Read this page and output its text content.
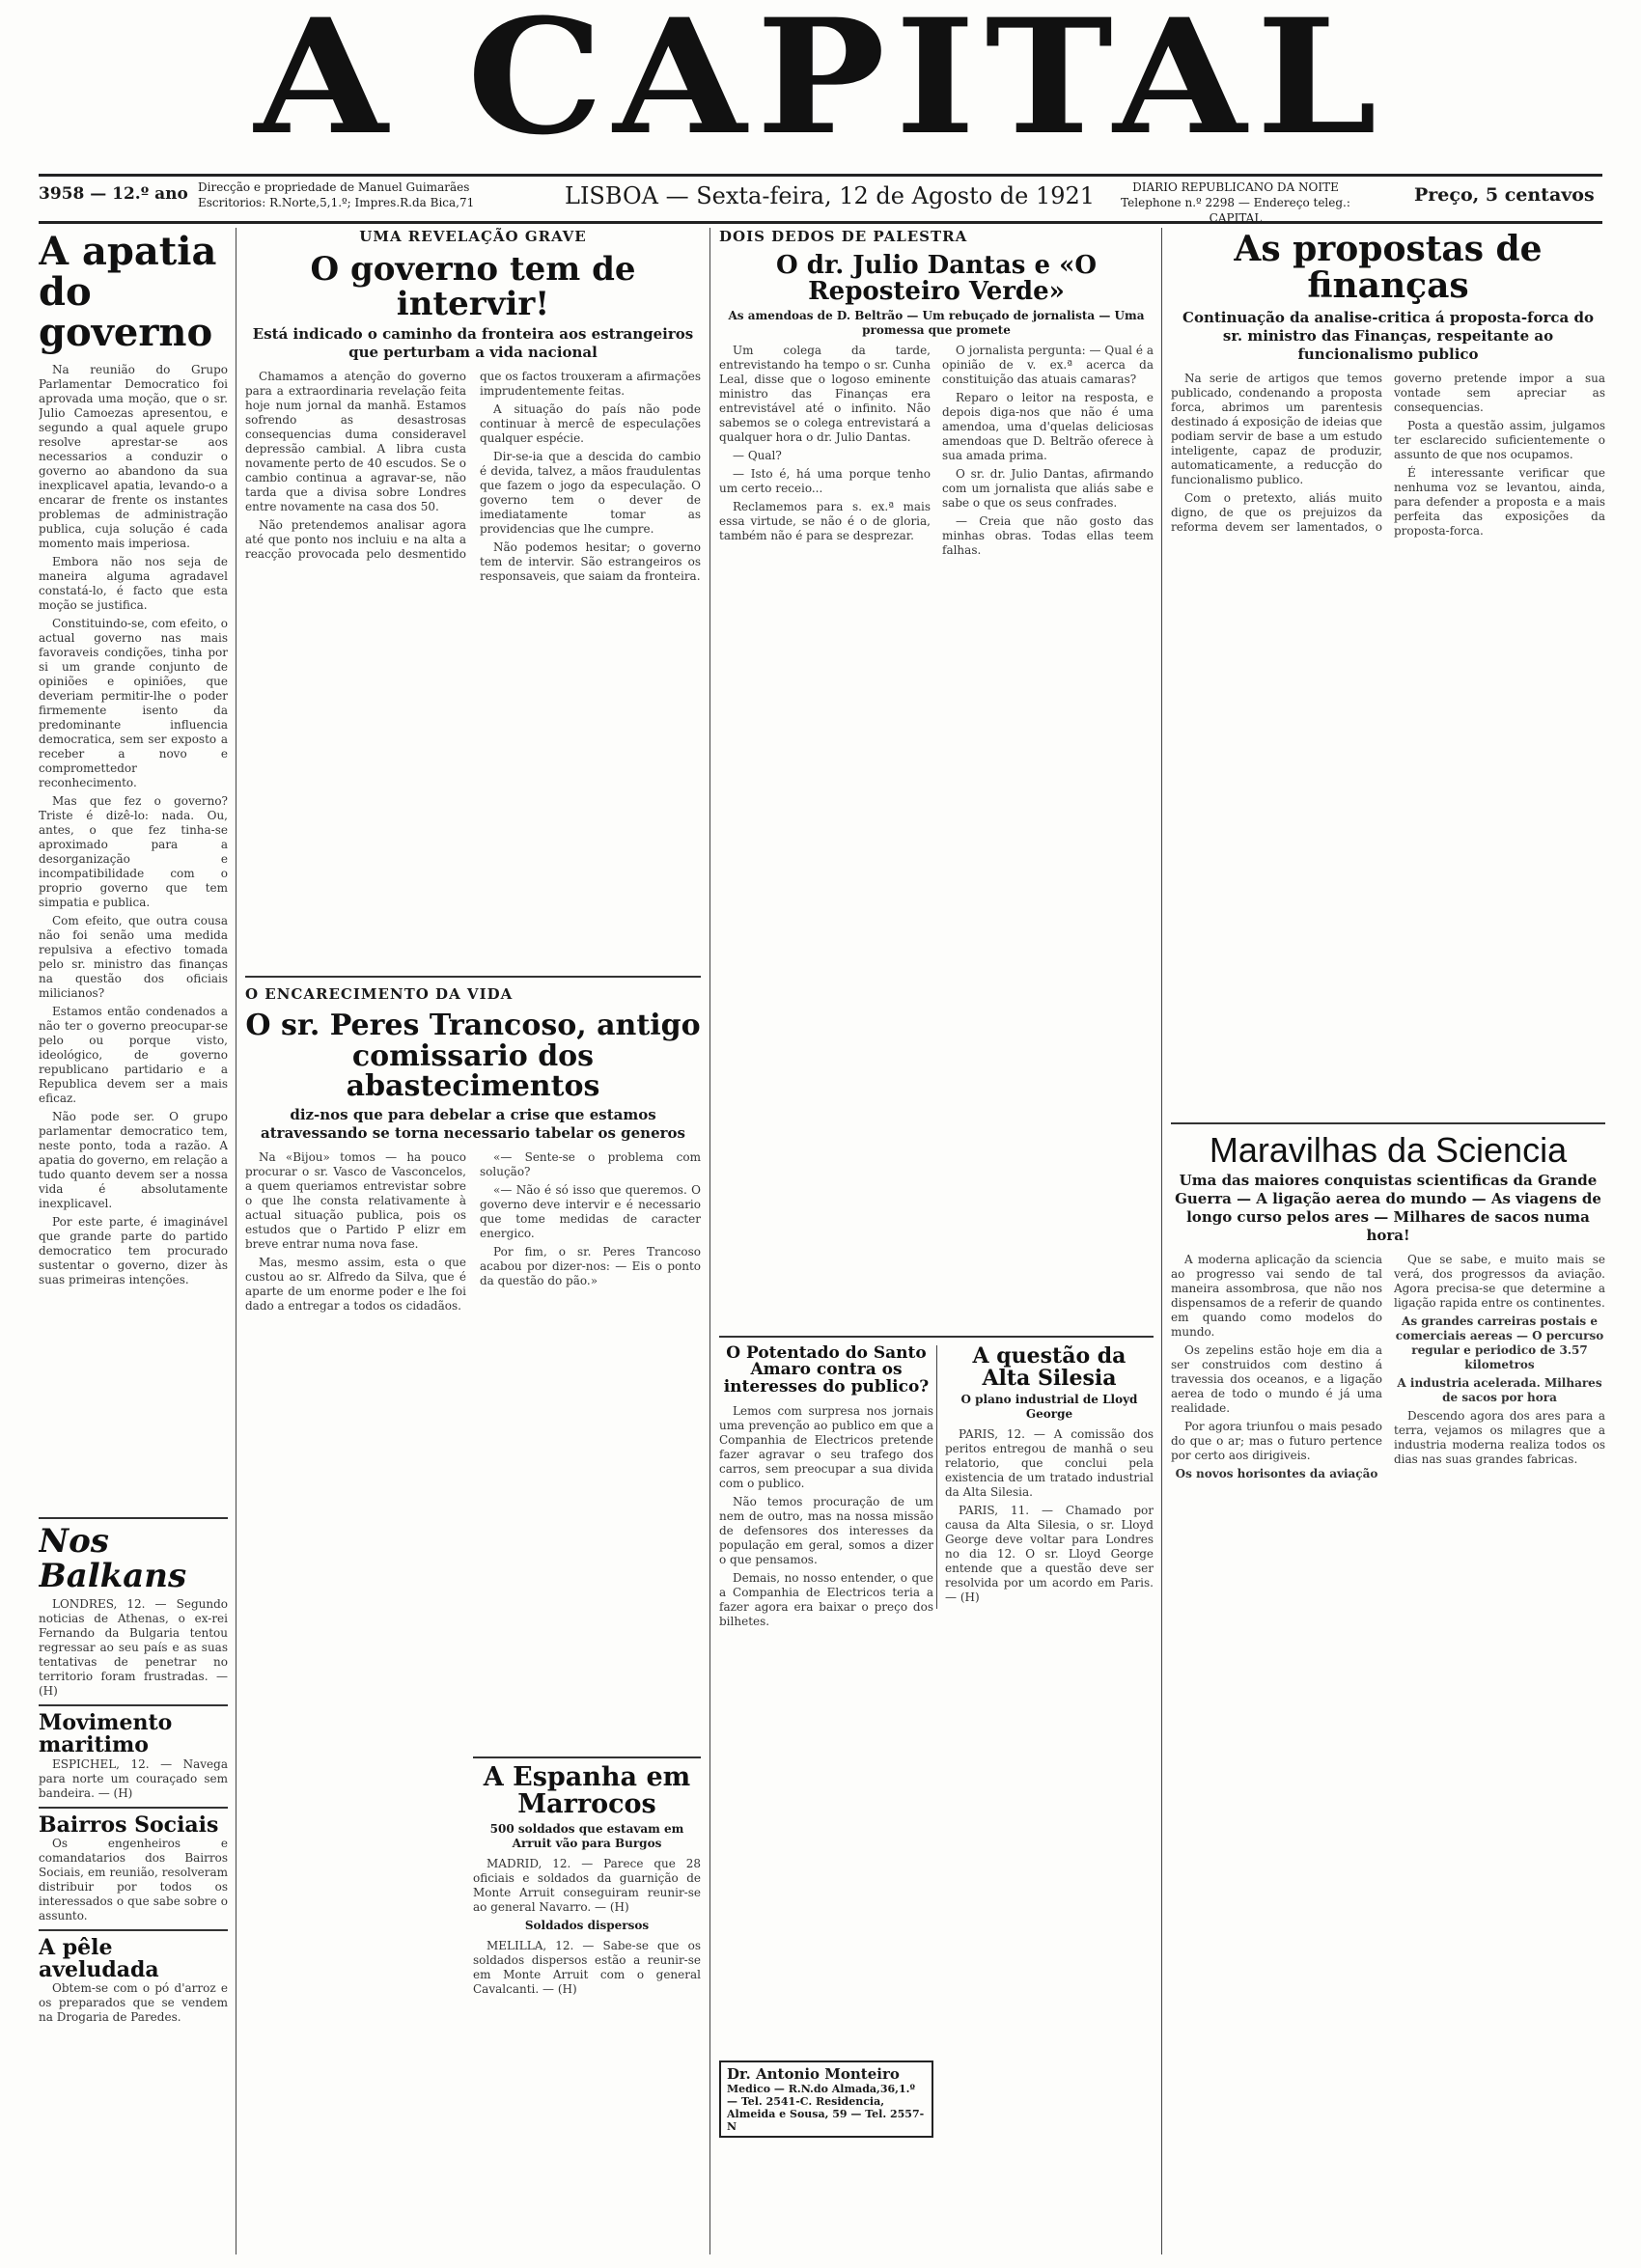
A CAPITAL
3958 — 12.º ano Direcção e propriedade de Manuel Guimarães
Escritorios: R.Norte,5,1.º; Impres.R.da Bica,71	LISBOA — Sexta-feira, 12 de Agosto de 1921	DIARIO REPUBLICANO DA NOITE
Telephone n.º 2298 — Endereço teleg.: CAPITAL
Preço, 5 centavos
A apatia do governo

Na reunião do Grupo Parlamentar Democratico foi aprovada uma moção, que o sr. Julio Camoezas apresentou, e segundo a qual aquele grupo resolve aprestar-se aos necessarios a conduzir o governo ao abandono da sua inexplicavel apatia, levando-o a encarar de frente os instantes problemas de administração publica, cuja solução é cada momento mais imperiosa.

Embora não nos seja de maneira alguma agradavel constatá-lo, é facto que esta moção se justifica.

Constituindo-se, com efeito, o actual governo nas mais favoraveis condições, tinha por si um grande conjunto de opiniões e opiniões, que deveriam permitir-lhe o poder firmemente isento da predominante influencia democratica, sem ser exposto a receber a novo e compromettedor reconhecimento.

Mas que fez o governo? Triste é dizê-lo: nada. Ou, antes, o que fez tinha-se aproximado para a desorganização e incompatibilidade com o proprio governo que tem simpatia e publica.

Com efeito, que outra cousa não foi senão uma medida repulsiva a efectivo tomada pelo sr. ministro das finanças na questão dos oficiais milicianos?

Estamos então condenados a não ter o governo preocupar-se pelo ou porque visto, ideológico, de governo republicano partidario e a Republica devem ser a mais eficaz.

Não pode ser. O grupo parlamentar democratico tem, neste ponto, toda a razão. A apatia do governo, em relação a tudo quanto devem ser a nossa vida é absolutamente inexplicavel.

Por este parte, é imaginável que grande parte do partido democratico tem procurado sustentar o governo, dizer às suas primeiras intenções.

Nos Balkans

LONDRES, 12. — Segundo noticias de Athenas, o ex-rei Fernando da Bulgaria tentou regressar ao seu país e as suas tentativas de penetrar no territorio foram frustradas. — (H)

Movimento maritimo

ESPICHEL, 12. — Navega para norte um couraçado sem bandeira. — (H)

Bairros Sociais

Os engenheiros e comandatarios dos Bairros Sociais, em reunião, resolveram distribuir por todos os interessados o que sabe sobre o assunto.

A pêle aveludada

Obtem-se com o pó d'arroz e os preparados que se vendem na Drogaria de Paredes.

UMA REVELAÇÃO GRAVE

O governo tem de intervir!

Está indicado o caminho da fronteira aos estrangeiros que perturbam a vida nacional

Chamamos a atenção do governo para a extraordinaria revelação feita hoje num jornal da manhã. Estamos sofrendo as desastrosas consequencias duma consideravel depressão cambial. A libra custa novamente perto de 40 escudos. Se o cambio continua a agravar-se, não tarda que a divisa sobre Londres entre novamente na casa dos 50.

Não pretendemos analisar agora até que ponto nos incluiu e na alta a reacção provocada pelo desmentido que os factos trouxeram a afirmações imprudentemente feitas.

A situação do país não pode continuar à mercê de especulações qualquer espécie.

Dir-se-ia que a descida do cambio é devida, talvez, a mãos fraudulentas que fazem o jogo da especulação. O governo tem o dever de imediatamente tomar as providencias que lhe cumpre.

Não podemos hesitar; o governo tem de intervir. São estrangeiros os responsaveis, que saiam da fronteira.

O ENCARECIMENTO DA VIDA

O sr. Peres Trancoso, antigo comissario dos abastecimentos

diz-nos que para debelar a crise que estamos atravessando se torna necessario tabelar os generos

Na «Bijou» tomos — ha pouco procurar o sr. Vasco de Vasconcelos, a quem queriamos entrevistar sobre o que lhe consta relativamente à actual situação publica, pois os estudos que o Partido P elizr em breve entrar numa nova fase.

Mas, mesmo assim, esta o que custou ao sr. Alfredo da Silva, que é aparte de um enorme poder e lhe foi dado a entregar a todos os cidadãos.

«— Sente-se o problema com solução?

«— Não é só isso que queremos. O governo deve intervir e é necessario que tome medidas de caracter energico.

Por fim, o sr. Peres Trancoso acabou por dizer-nos: — Eis o ponto da questão do pão.»

A Espanha em Marrocos

500 soldados que estavam em Arruit vão para Burgos

MADRID, 12. — Parece que 28 oficiais e soldados da guarnição de Monte Arruit conseguiram reunir-se ao general Navarro. — (H)

Soldados dispersos

MELILLA, 12. — Sabe-se que os soldados dispersos estão a reunir-se em Monte Arruit com o general Cavalcanti. — (H)

DOIS DEDOS DE PALESTRA

O dr. Julio Dantas e «O Reposteiro Verde»

As amendoas de D. Beltrão — Um rebuçado de jornalista — Uma promessa que promete

Um colega da tarde, entrevistando ha tempo o sr. Cunha Leal, disse que o logoso eminente ministro das Finanças era entrevistável até o infinito. Não sabemos se o colega entrevistará a qualquer hora o dr. Julio Dantas.

— Qual?

— Isto é, há uma porque tenho um certo receio...

Reclamemos para s. ex.ª mais essa virtude, se não é o de gloria, também não é para se desprezar.

O jornalista pergunta: — Qual é a opinião de v. ex.ª acerca da constituição das atuais camaras?

Reparo o leitor na resposta, e depois diga-nos que não é uma amendoa, uma d'quelas deliciosas amendoas que D. Beltrão oferece à sua amada prima.

O sr. dr. Julio Dantas, afirmando com um jornalista que aliás sabe e sabe o que os seus confrades.

— Creia que não gosto das minhas obras. Todas ellas teem falhas.

O Potentado do Santo Amaro contra os interesses do publico?

Lemos com surpresa nos jornais uma prevenção ao publico em que a Companhia de Electricos pretende fazer agravar o seu trafego dos carros, sem preocupar a sua divida com o publico.

Não temos procuração de um nem de outro, mas na nossa missão de defensores dos interesses da população em geral, somos a dizer o que pensamos.

Demais, no nosso entender, o que a Companhia de Electricos teria a fazer agora era baixar o preço dos bilhetes.

Dr. Antonio Monteiro
Medico — R.N.do Almada,36,1.º — Tel. 2541-C. Residencia, Almeida e Sousa, 59 — Tel. 2557-N
A questão da Alta Silesia

O plano industrial de Lloyd George

PARIS, 12. — A comissão dos peritos entregou de manhã o seu relatorio, que conclui pela existencia de um tratado industrial da Alta Silesia.

PARIS, 11. — Chamado por causa da Alta Silesia, o sr. Lloyd George deve voltar para Londres no dia 12. O sr. Lloyd George entende que a questão deve ser resolvida por um acordo em Paris. — (H)

As propostas de finanças

Continuação da analise-critica á proposta-forca do sr. ministro das Finanças, respeitante ao funcionalismo publico

Na serie de artigos que temos publicado, condenando a proposta forca, abrimos um parentesis destinado á exposição de ideias que podiam servir de base a um estudo inteligente, capaz de produzir, automaticamente, a reducção do funcionalismo publico.

Com o pretexto, aliás muito digno, de que os prejuizos da reforma devem ser lamentados, o governo pretende impor a sua vontade sem apreciar as consequencias.

Posta a questão assim, julgamos ter esclarecido suficientemente o assunto de que nos ocupamos.

É interessante verificar que nenhuma voz se levantou, ainda, para defender a proposta e a mais perfeita das exposições da proposta-forca.

Maravilhas da Sciencia

Uma das maiores conquistas scientificas da Grande Guerra — A ligação aerea do mundo — As viagens de longo curso pelos ares — Milhares de sacos numa hora!

A moderna aplicação da sciencia ao progresso vai sendo de tal maneira assombrosa, que não nos dispensamos de a referir de quando em quando como modelos do mundo.

Os zepelins estão hoje em dia a ser construidos com destino á travessia dos oceanos, e a ligação aerea de todo o mundo é já uma realidade.

Por agora triunfou o mais pesado do que o ar; mas o futuro pertence por certo aos dirigiveis.

Os novos horisontes da aviação

Que se sabe, e muito mais se verá, dos progressos da aviação. Agora precisa-se que determine a ligação rapida entre os continentes.

As grandes carreiras postais e comerciais aereas — O percurso regular e periodico de 3.57 kilometros

A industria acelerada. Milhares de sacos por hora

Descendo agora dos ares para a terra, vejamos os milagres que a industria moderna realiza todos os dias nas suas grandes fabricas.
